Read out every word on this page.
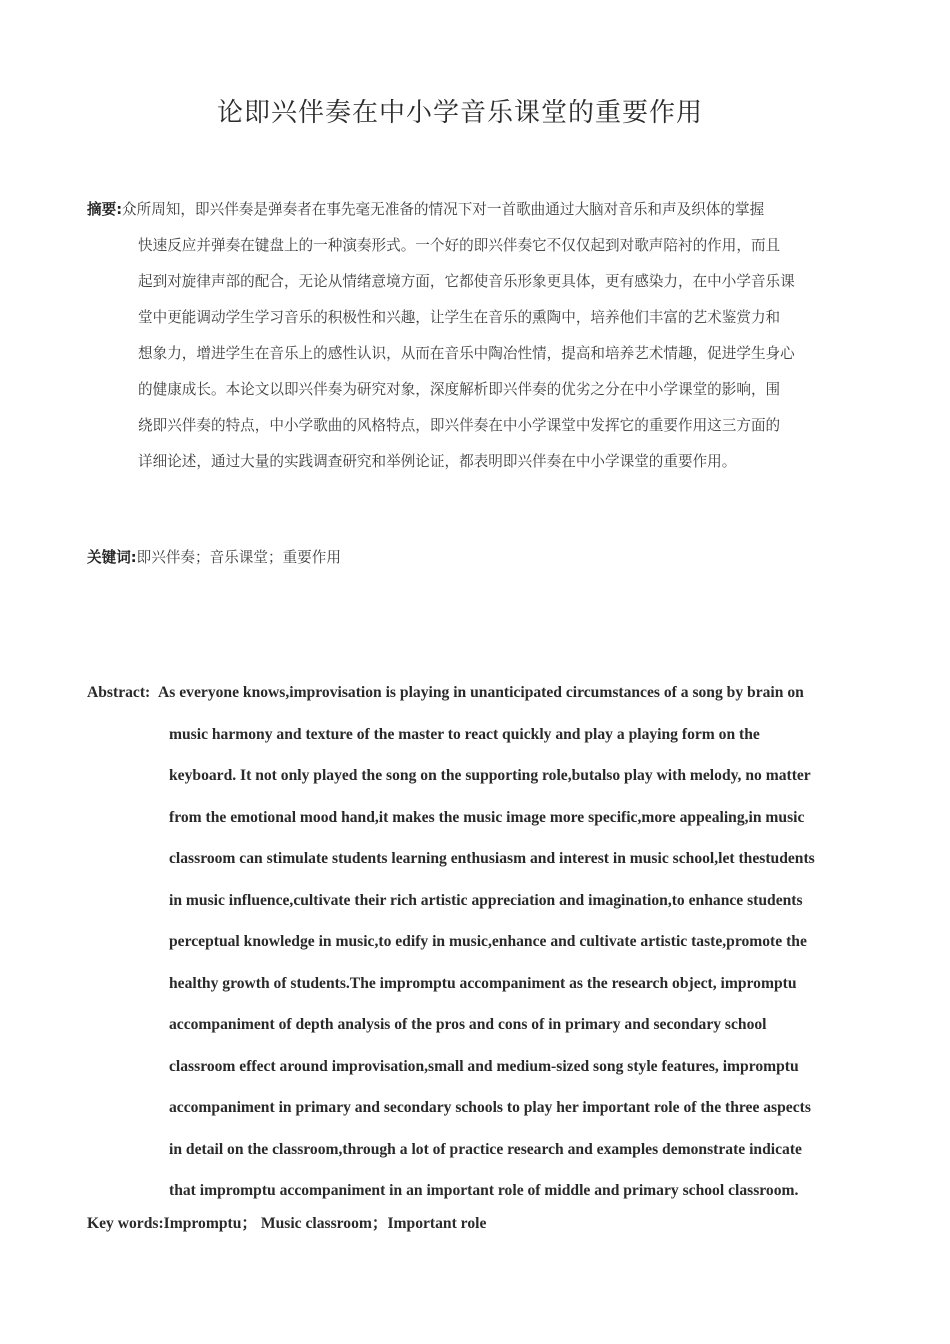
论即兴伴奏在中小学音乐课堂的重要作用
摘要:众所周知，即兴伴奏是弹奏者在事先毫无准备的情况下对一首歌曲通过大脑对音乐和声及织体的掌握
快速反应并弹奏在键盘上的一种演奏形式。一个好的即兴伴奏它不仅仅起到对歌声陪衬的作用，而且
起到对旋律声部的配合，无论从情绪意境方面，它都使音乐形象更具体，更有感染力，在中小学音乐课
堂中更能调动学生学习音乐的积极性和兴趣，让学生在音乐的熏陶中，培养他们丰富的艺术鉴赏力和
想象力，增进学生在音乐上的感性认识，从而在音乐中陶冶性情，提高和培养艺术情趣，促进学生身心
的健康成长。本论文以即兴伴奏为研究对象，深度解析即兴伴奏的优劣之分在中小学课堂的影响，围
绕即兴伴奏的特点，中小学歌曲的风格特点，即兴伴奏在中小学课堂中发挥它的重要作用这三方面的
详细论述，通过大量的实践调查研究和举例论证，都表明即兴伴奏在中小学课堂的重要作用。
关键词:即兴伴奏；音乐课堂；重要作用
Abstract: As everyone knows,improvisation is playing in unanticipated circumstances of a song by brain on
music harmony and texture of the master to react quickly and play a playing form on the
keyboard. It not only played the song on the supporting role,butalso play with melody, no matter
from the emotional mood hand,it makes the music image more specific,more appealing,in music
classroom can stimulate students learning enthusiasm and interest in music school,let thestudents
in music influence,cultivate their rich artistic appreciation and imagination,to enhance students
perceptual knowledge in music,to edify in music,enhance and cultivate artistic taste,promote the
healthy growth of students.The impromptu accompaniment as the research object, impromptu
accompaniment of depth analysis of the pros and cons of in primary and secondary school
classroom effect around improvisation,small and medium-sized song style features, impromptu
accompaniment in primary and secondary schools to play her important role of the three aspects
in detail on the classroom,through a lot of practice research and examples demonstrate indicate
that impromptu accompaniment in an important role of middle and primary school classroom.
Key words:Impromptu； Music classroom；Important role
